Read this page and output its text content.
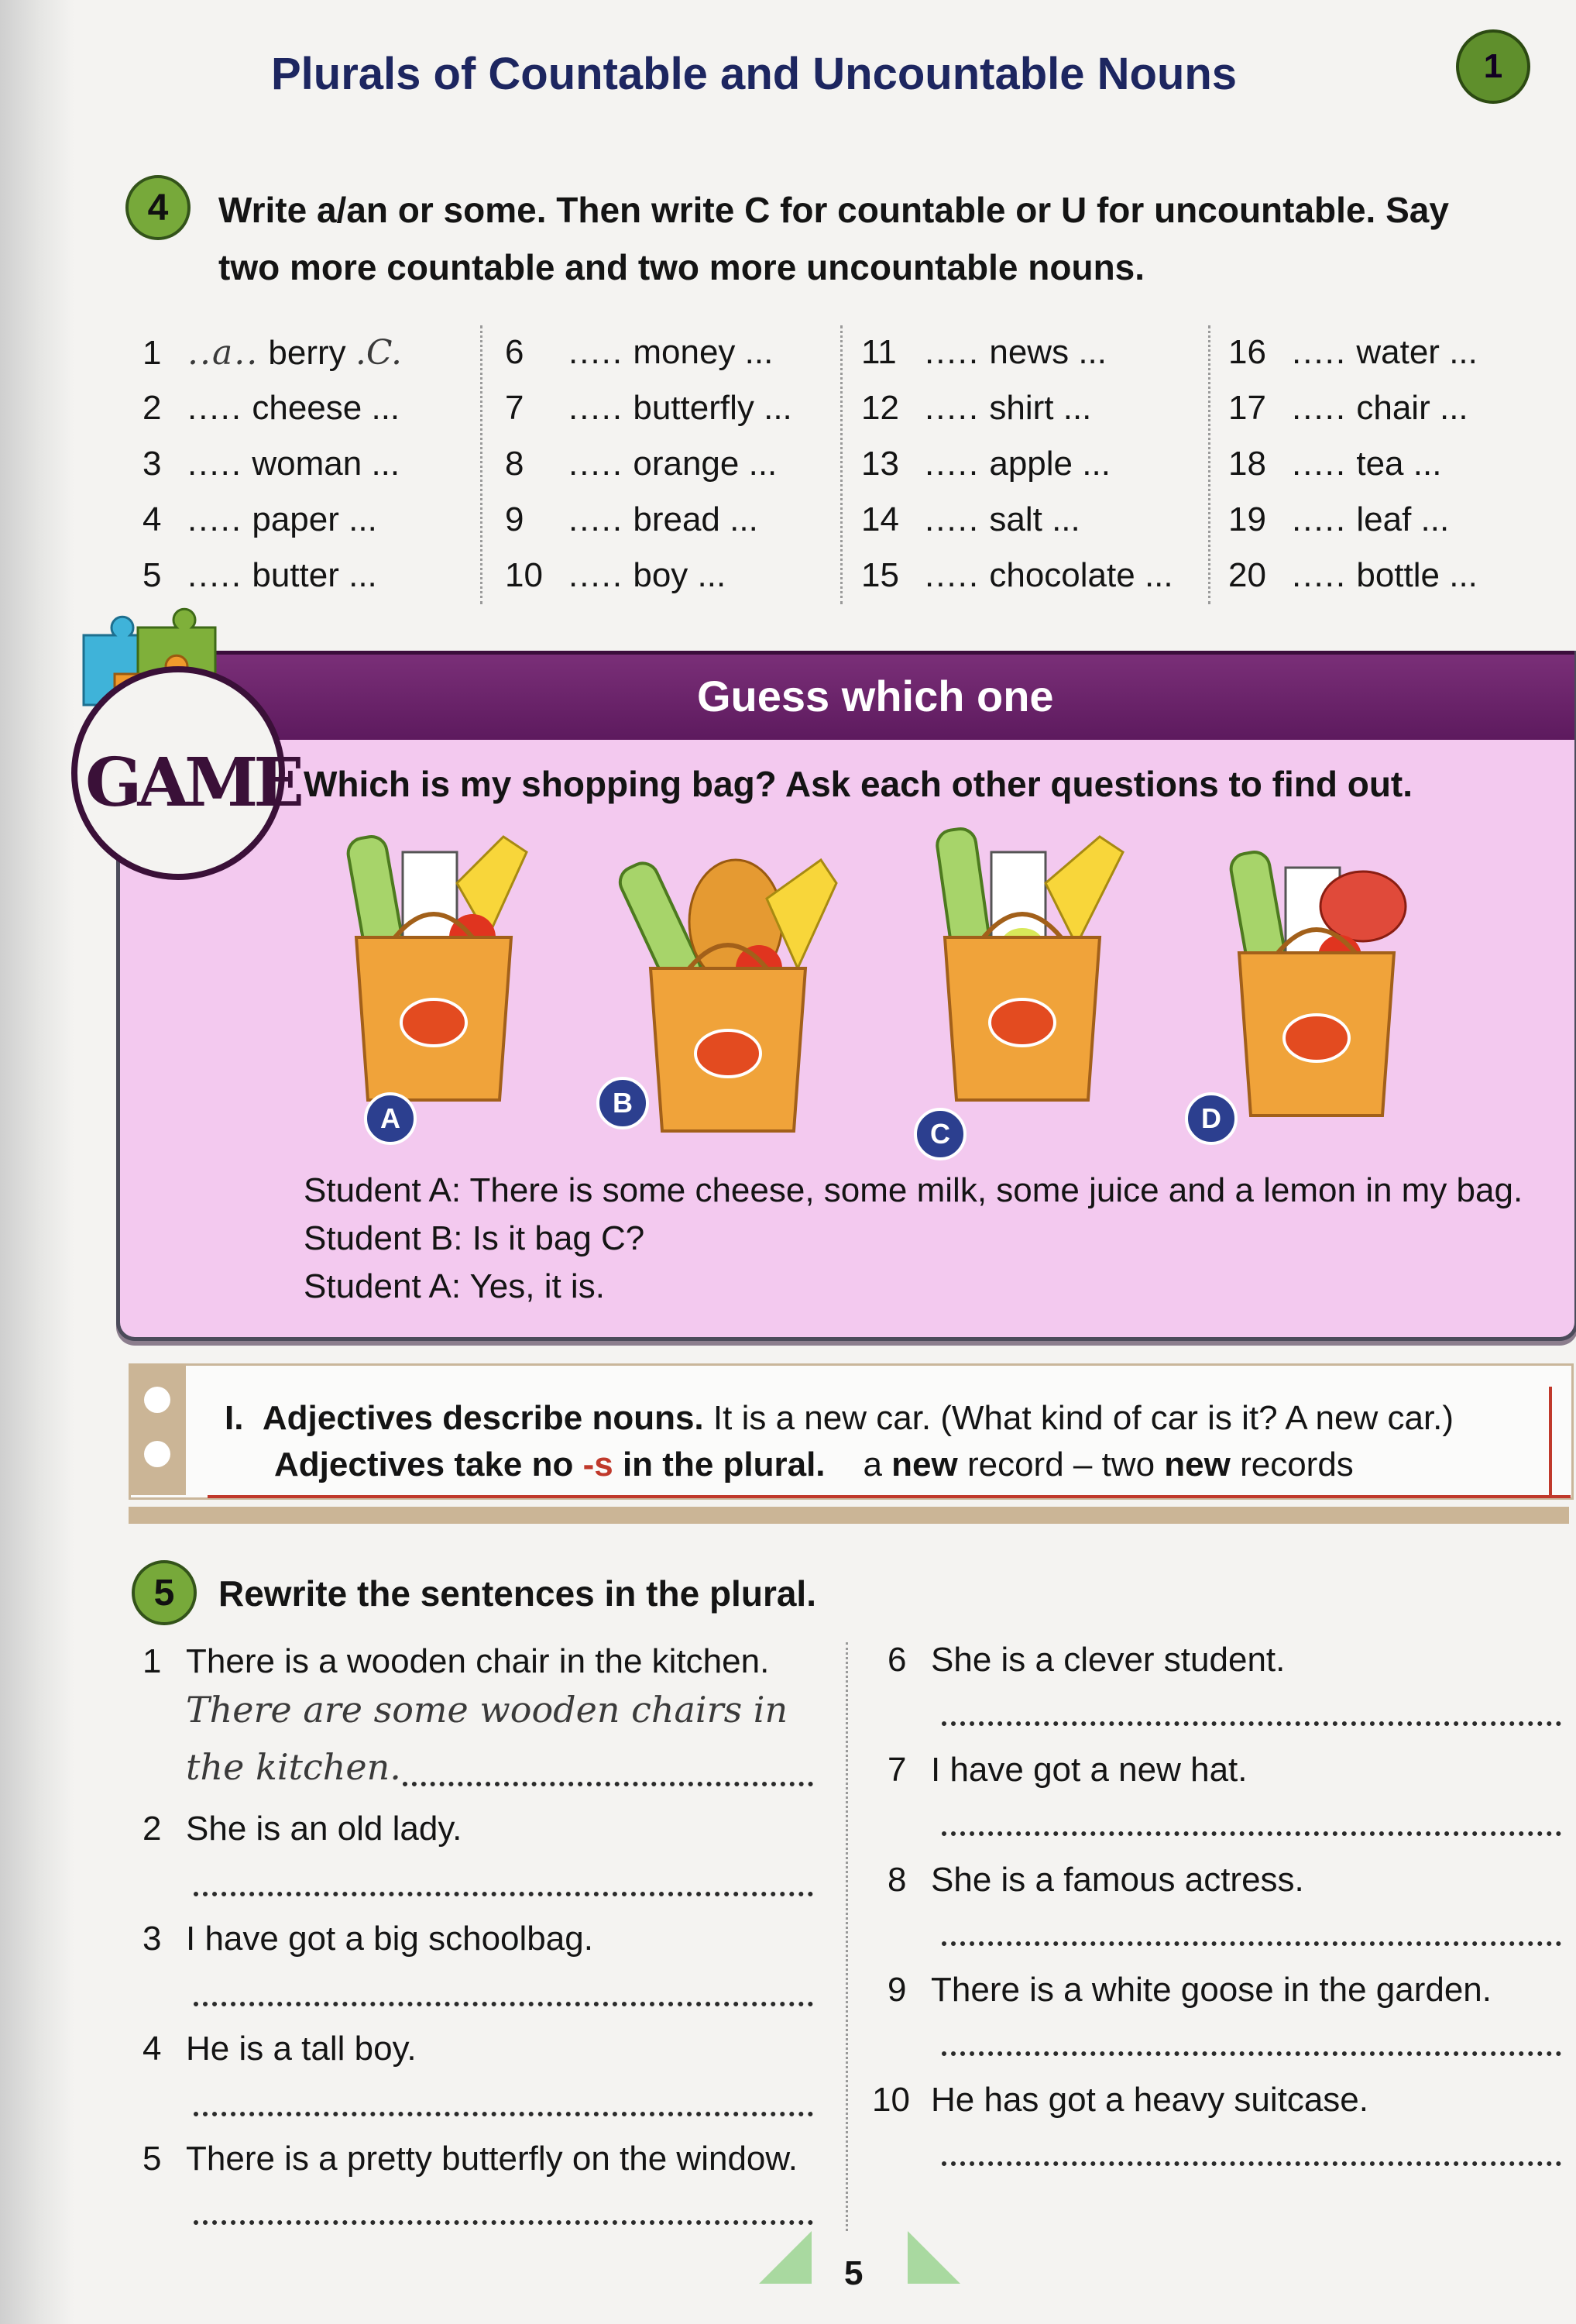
Plurals of Countable and Uncountable Nouns	1
4	Write a/an or some. Then write C for countable or U for uncountable. Say
two more countable and two more uncountable nouns.
1 ..a.. berry .C.
2 ..... cheese ...
3 ..... woman ...
4 ..... paper ...
5 ..... butter ...
6 ..... money ...
7 ..... butterfly ...
8 ..... orange ...
9 ..... bread ...
10 ..... boy ...
11 ..... news ...
12 ..... shirt ...
13 ..... apple ...
14 ..... salt ...
15 ..... chocolate ...
16 ..... water ...
17 ..... chair ...
18 ..... tea ...
19 ..... leaf ...
20 ..... bottle ...
Guess which one
GAME Which is my shopping bag? Ask each other questions to find out.
A	B
C	D
Student A: There is some cheese, some milk, some juice and a lemon in my bag.
Student B: Is it bag C?
Student A: Yes, it is.
I. Adjectives describe nouns. It is a new car. (What kind of car is it? A new car.)
Adjectives take no -s in the plural. a new record – two new records
5	Rewrite the sentences in the plural.
1 There is a wooden chair in the kitchen.
There are some wooden chairs in
the kitchen.
2 She is an old lady.
3 I have got a big schoolbag.
4 He is a tall boy.
5 There is a pretty butterfly on the window.
6 She is a clever student.
7 I have got a new hat.
8 She is a famous actress.
9 There is a white goose in the garden.
10 He has got a heavy suitcase.
5
